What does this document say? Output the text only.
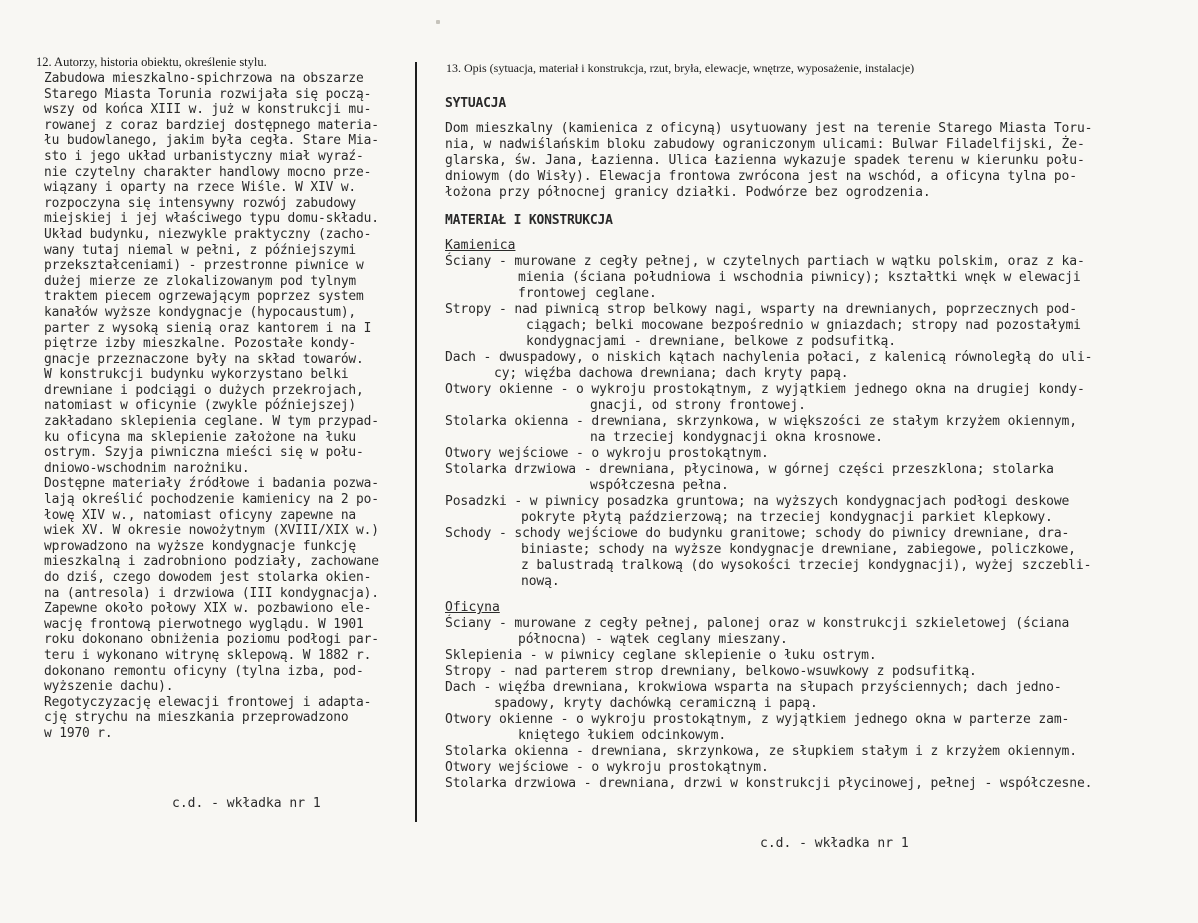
12. Autorzy, historia obiektu, określenie stylu.
Zabudowa mieszkalno-spichrzowa na obszarze
Starego Miasta Torunia rozwijała się począ-
wszy od końca XIII w. już w konstrukcji mu-
rowanej z coraz bardziej dostępnego materia-
łu budowlanego, jakim była cegła. Stare Mia-
sto i jego układ urbanistyczny miał wyraź-
nie czytelny charakter handlowy mocno prze-
wiązany i oparty na rzece Wiśle. W XIV w.
rozpoczyna się intensywny rozwój zabudowy
miejskiej i jej właściwego typu domu-składu.
Układ budynku, niezwykle praktyczny (zacho-
wany tutaj niemal w pełni, z późniejszymi
przekształceniami) - przestronne piwnice w
dużej mierze ze zlokalizowanym pod tylnym
traktem piecem ogrzewającym poprzez system
kanałów wyższe kondygnacje (hypocaustum),
parter z wysoką sienią oraz kantorem i na I
piętrze izby mieszkalne. Pozostałe kondy-
gnacje przeznaczone były na skład towarów.
W konstrukcji budynku wykorzystano belki
drewniane i podciągi o dużych przekrojach,
natomiast w oficynie (zwykle późniejszej)
zakładano sklepienia ceglane. W tym przypad-
ku oficyna ma sklepienie założone na łuku
ostrym. Szyja piwniczna mieści się w połu-
dniowo-wschodnim narożniku.
Dostępne materiały źródłowe i badania pozwa-
lają określić pochodzenie kamienicy na 2 po-
łowę XIV w., natomiast oficyny zapewne na
wiek XV. W okresie nowożytnym (XVIII/XIX w.)
wprowadzono na wyższe kondygnacje funkcję
mieszkalną i zadrobniono podziały, zachowane
do dziś, czego dowodem jest stolarka okien-
na (antresola) i drzwiowa (III kondygnacja).
Zapewne około połowy XIX w. pozbawiono ele-
wację frontową pierwotnego wyglądu. W 1901
roku dokonano obniżenia poziomu podłogi par-
teru i wykonano witrynę sklepową. W 1882 r.
dokonano remontu oficyny (tylna izba, pod-
wyższenie dachu).
Regotyczyzację elewacji frontowej i adapta-
cję strychu na mieszkania przeprowadzono
w 1970 r.
c.d. - wkładka nr 1
13. Opis (sytuacja, materiał i konstrukcja, rzut, bryła, elewacje, wnętrze, wyposażenie, instalacje)
SYTUACJA
Dom mieszkalny (kamienica z oficyną) usytuowany jest na terenie Starego Miasta Toru-
nia, w nadwiślańskim bloku zabudowy ograniczonym ulicami: Bulwar Filadelfijski, Że-
glarska, św. Jana, Łazienna. Ulica Łazienna wykazuje spadek terenu w kierunku połu-
dniowym (do Wisły). Elewacja frontowa zwrócona jest na wschód, a oficyna tylna po-
łożona przy północnej granicy działki. Podwórze bez ogrodzenia.
MATERIAŁ I KONSTRUKCJA
Kamienica
Ściany - murowane z cegły pełnej, w czytelnych partiach w wątku polskim, oraz z ka-
mienia (ściana południowa i wschodnia piwnicy); kształtki wnęk w elewacji
frontowej ceglane.
Stropy - nad piwnicą strop belkowy nagi, wsparty na drewnianych, poprzecznych pod-
ciągach; belki mocowane bezpośrednio w gniazdach; stropy nad pozostałymi
kondygnacjami - drewniane, belkowe z podsufitką.
Dach - dwuspadowy, o niskich kątach nachylenia połaci, z kalenicą równoległą do uli-
cy; więźba dachowa drewniana; dach kryty papą.
Otwory okienne - o wykroju prostokątnym, z wyjątkiem jednego okna na drugiej kondy-
gnacji, od strony frontowej.
Stolarka okienna - drewniana, skrzynkowa, w większości ze stałym krzyżem okiennym,
na trzeciej kondygnacji okna krosnowe.
Otwory wejściowe - o wykroju prostokątnym.
Stolarka drzwiowa - drewniana, płycinowa, w górnej części przeszklona; stolarka
współczesna pełna.
Posadzki - w piwnicy posadzka gruntowa; na wyższych kondygnacjach podłogi deskowe
pokryte płytą paździerzową; na trzeciej kondygnacji parkiet klepkowy.
Schody - schody wejściowe do budynku granitowe; schody do piwnicy drewniane, dra-
biniaste; schody na wyższe kondygnacje drewniane, zabiegowe, policzkowe,
z balustradą tralkową (do wysokości trzeciej kondygnacji), wyżej szczebli-
nową.
Oficyna
Ściany - murowane z cegły pełnej, palonej oraz w konstrukcji szkieletowej (ściana
północna) - wątek ceglany mieszany.
Sklepienia - w piwnicy ceglane sklepienie o łuku ostrym.
Stropy - nad parterem strop drewniany, belkowo-wsuwkowy z podsufitką.
Dach - więźba drewniana, krokwiowa wsparta na słupach przyściennych; dach jedno-
spadowy, kryty dachówką ceramiczną i papą.
Otwory okienne - o wykroju prostokątnym, z wyjątkiem jednego okna w parterze zam-
kniętego łukiem odcinkowym.
Stolarka okienna - drewniana, skrzynkowa, ze słupkiem stałym i z krzyżem okiennym.
Otwory wejściowe - o wykroju prostokątnym.
Stolarka drzwiowa - drewniana, drzwi w konstrukcji płycinowej, pełnej - współczesne.
c.d. - wkładka nr 1
